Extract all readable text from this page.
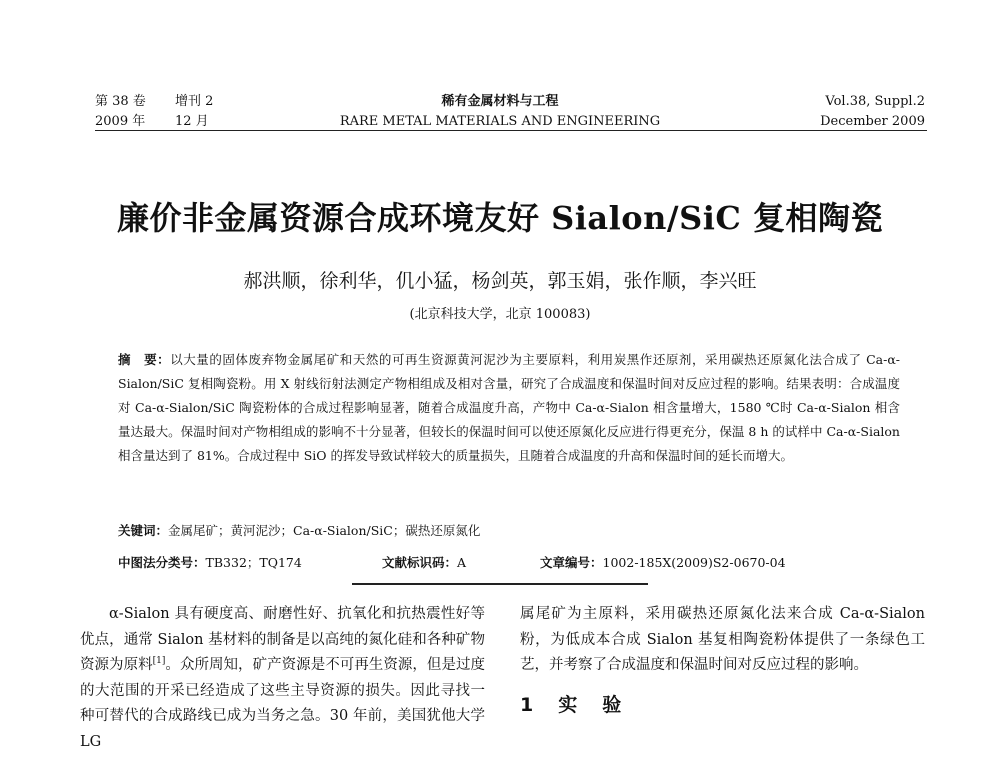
第 38 卷 增刊 2
2009 年 12 月
稀有金属材料与工程
RARE METAL MATERIALS AND ENGINEERING
Vol.38, Suppl.2
December 2009
廉价非金属资源合成环境友好 Sialon/SiC 复相陶瓷
郝洪顺，徐利华，仉小猛，杨剑英，郭玉娟，张作顺，李兴旺
(北京科技大学，北京 100083)
摘　要：以大量的固体废弃物金属尾矿和天然的可再生资源黄河泥沙为主要原料，利用炭黑作还原剂，采用碳热还原氮化法合成了 Ca-α-Sialon/SiC 复相陶瓷粉。用 X 射线衍射法测定产物相组成及相对含量，研究了合成温度和保温时间对反应过程的影响。结果表明：合成温度对 Ca-α-Sialon/SiC 陶瓷粉体的合成过程影响显著，随着合成温度升高，产物中 Ca-α-Sialon 相含量增大，1580 ℃时 Ca-α-Sialon 相含量达最大。保温时间对产物相组成的影响不十分显著，但较长的保温时间可以使还原氮化反应进行得更充分，保温 8 h 的试样中 Ca-α-Sialon 相含量达到了 81%。合成过程中 SiO 的挥发导致试样较大的质量损失，且随着合成温度的升高和保温时间的延长而增大。
关键词：金属尾矿；黄河泥沙；Ca-α-Sialon/SiC；碳热还原氮化
中图法分类号：TB332；TQ174	文献标识码：A	文章编号：1002-185X(2009)S2-0670-04

α-Sialon 具有硬度高、耐磨性好、抗氧化和抗热震性好等优点，通常 Sialon 基材料的制备是以高纯的氮化硅和各种矿物资源为原料[1]。众所周知，矿产资源是不可再生资源，但是过度的大范围的开采已经造成了这些主导资源的损失。因此寻找一种可替代的合成路线已成为当务之急。30 年前，美国犹他大学 LG

属尾矿为主原料，采用碳热还原氮化法来合成 Ca-α-Sialon 粉，为低成本合成 Sialon 基复相陶瓷粉体提供了一条绿色工艺，并考察了合成温度和保温时间对反应过程的影响。

1　实　验
